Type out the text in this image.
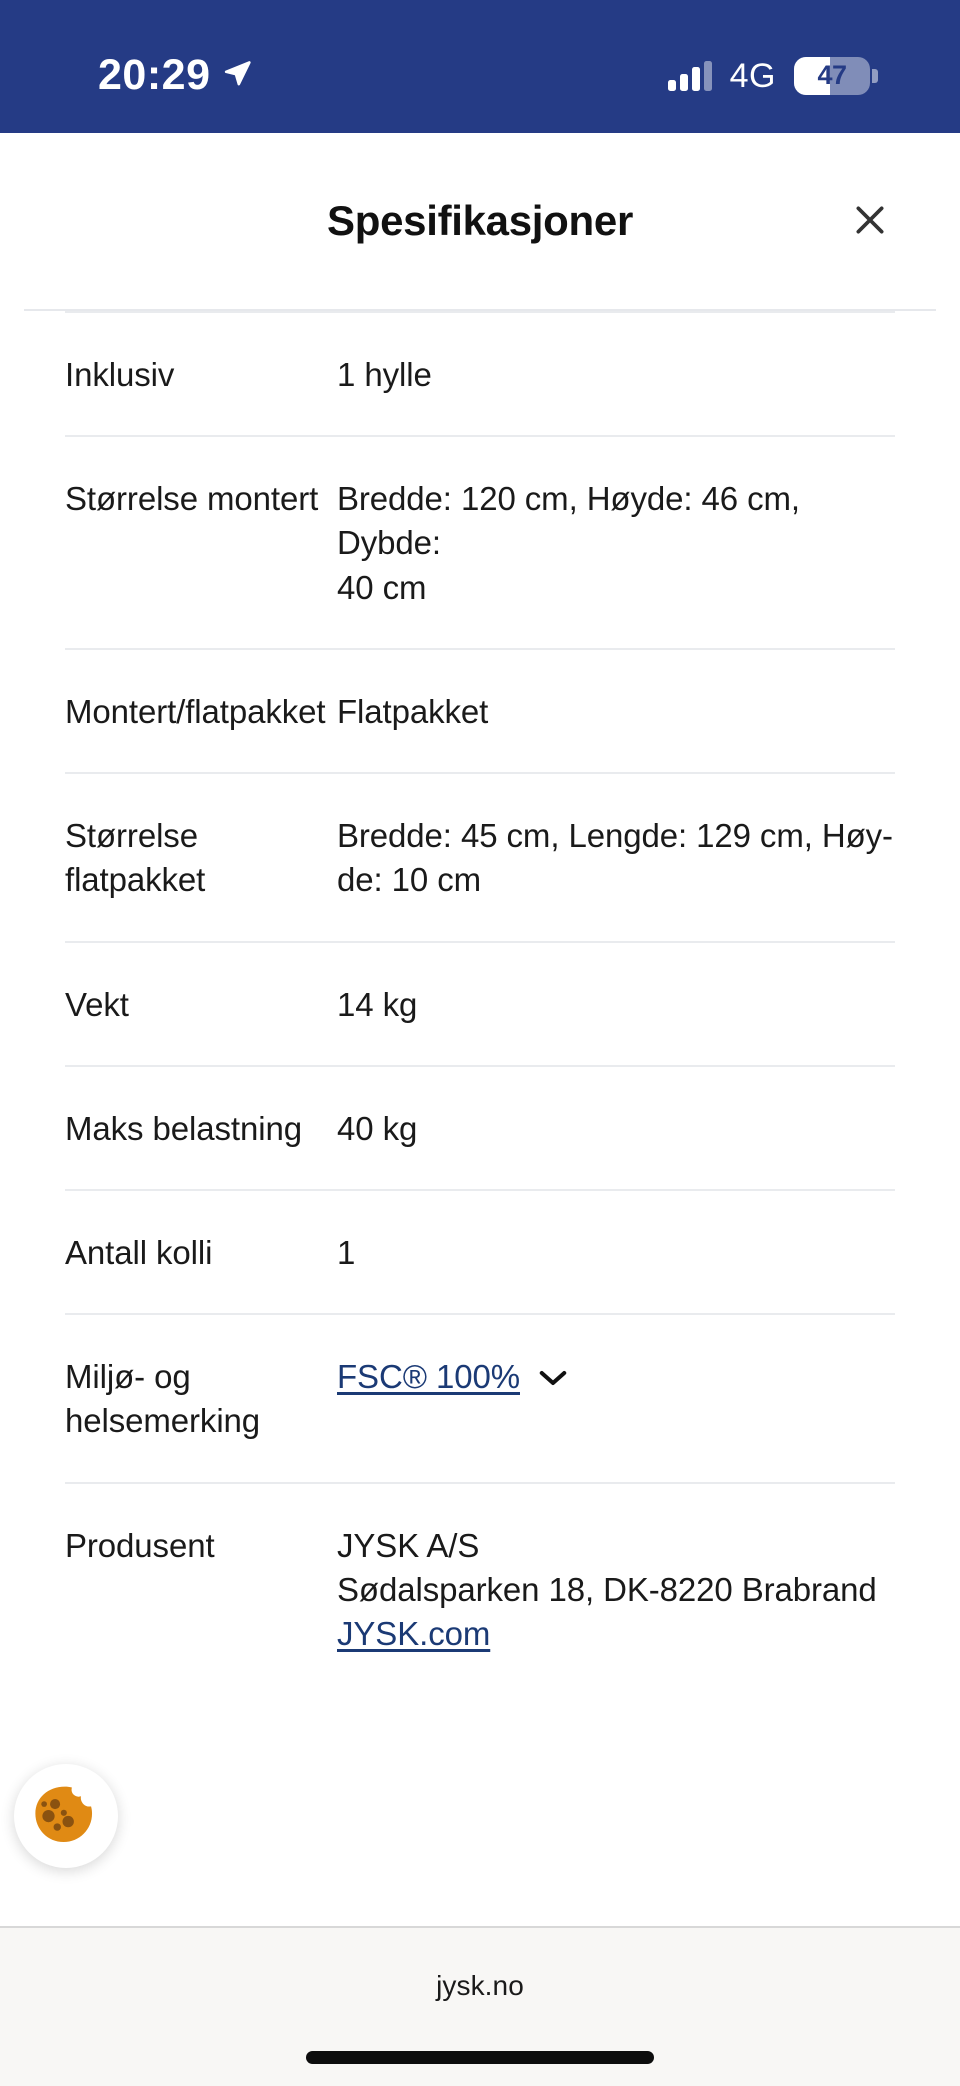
20:29	4G 47
Spesifikasjoner
Inklusiv	1 hylle

Størrelse montert	Bredde: 120 cm, Høyde: 46 cm, Dybde:
40 cm

Montert/flatpakket	Flatpakket

Størrelse flatpakket	Bredde: 45 cm, Lengde: 129 cm, Høy-
de: 10 cm

Vekt	14 kg

Maks belastning	40 kg

Antall kolli	1

Miljø- og helsemerking	FSC® 100%
Produsent	JYSK A/S
Sødalsparken 18, DK-8220 Brabrand
JYSK.com
jysk.no
